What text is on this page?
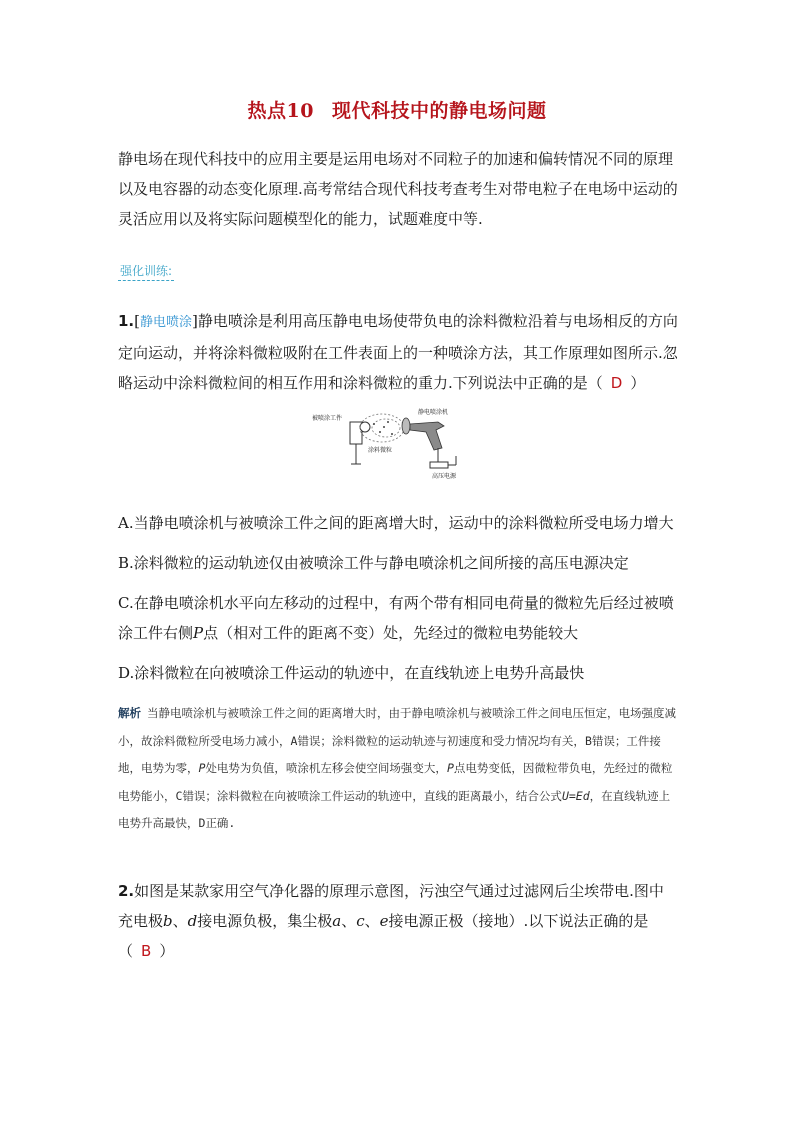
热点10 现代科技中的静电场问题
静电场在现代科技中的应用主要是运用电场对不同粒子的加速和偏转情况不同的原理以及电容器的动态变化原理.高考常结合现代科技考查考生对带电粒子在电场中运动的灵活应用以及将实际问题模型化的能力，试题难度中等.
强化训练:
1.[静电喷涂]静电喷涂是利用高压静电电场使带负电的涂料微粒沿着与电场相反的方向定向运动，并将涂料微粒吸附在工件表面上的一种喷涂方法，其工作原理如图所示.忽略运动中涂料微粒间的相互作用和涂料微粒的重力.下列说法中正确的是（ D ）
被喷涂工件
静电喷涂机
涂料微粒
高压电源
A.当静电喷涂机与被喷涂工件之间的距离增大时，运动中的涂料微粒所受电场力增大
B.涂料微粒的运动轨迹仅由被喷涂工件与静电喷涂机之间所接的高压电源决定
C.在静电喷涂机水平向左移动的过程中，有两个带有相同电荷量的微粒先后经过被喷涂工件右侧P点（相对工件的距离不变）处，先经过的微粒电势能较大
D.涂料微粒在向被喷涂工件运动的轨迹中，在直线轨迹上电势升高最快
解析 当静电喷涂机与被喷涂工件之间的距离增大时，由于静电喷涂机与被喷涂工件之间电压恒定，电场强度减小，故涂料微粒所受电场力减小，A错误；涂料微粒的运动轨迹与初速度和受力情况均有关，B错误；工件接地，电势为零，P处电势为负值，喷涂机左移会使空间场强变大，P点电势变低，因微粒带负电，先经过的微粒电势能小，C错误；涂料微粒在向被喷涂工件运动的轨迹中，直线的距离最小，结合公式U=Ed，在直线轨迹上电势升高最快，D正确.
2.如图是某款家用空气净化器的原理示意图，污浊空气通过过滤网后尘埃带电.图中充电极b、d接电源负极，集尘极a、c、e接电源正极（接地）.以下说法正确的是（ B ）
